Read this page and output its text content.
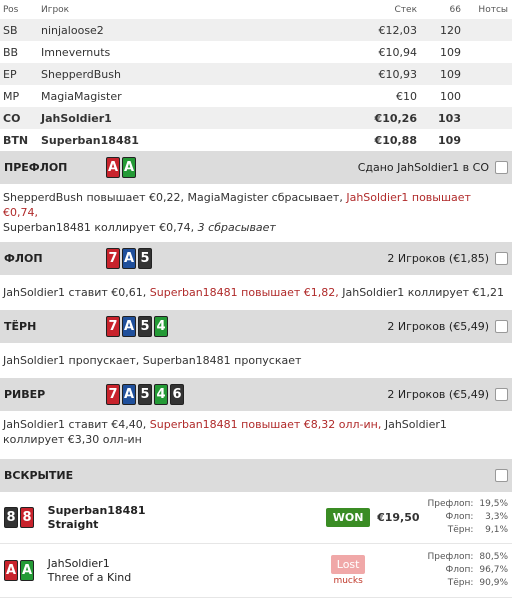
Pos	Игрок	Стек	66	Нотсы
SB	ninjaloose2	€12,03	120
BB	Imnevernuts	€10,94	109
EP	ShepperdBush	€10,93	109
MP	MagiaMagister	€10	100
CO	JahSoldier1	€10,26	103
BTN	Superban18481	€10,88	109
ПРЕФЛОП	A A	Сдано JahSoldier1 в CO
ShepperdBush повышает €0,22, MagiaMagister сбрасывает, JahSoldier1 повышает €0,74,
Superban18481 коллирует €0,74, 3 сбрасывает
ФЛОП	7 A 5	2 Игроков (€1,85)
JahSoldier1 ставит €0,61, Superban18481 повышает €1,82, JahSoldier1 коллирует €1,21
ТЁРН	7 A 5 4	2 Игроков (€5,49)
JahSoldier1 пропускает, Superban18481 пропускает
РИВЕР	7 A 5 4 6	2 Игроков (€5,49)
JahSoldier1 ставит €4,40, Superban18481 повышает €8,32 олл-ин, JahSoldier1 коллирует €3,30 олл-ин
ВСКРЫТИЕ
8 8 Superban18481
Straight	WON	€19,50
Префлоп: 19,5%
Флоп:	3,3%
Тёрн:	9,1%
A A JahSoldier1
Three of a Kind
Lost
mucks
Префлоп: 80,5%
Флоп: 96,7%
Тёрн: 90,9%
